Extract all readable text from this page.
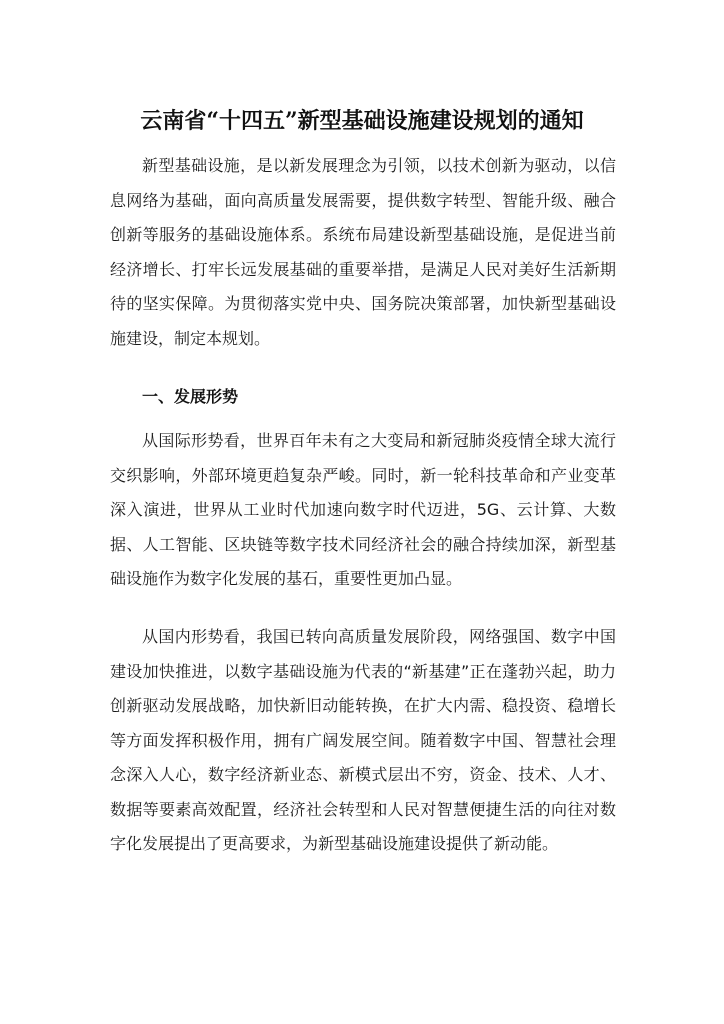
云南省“十四五”新型基础设施建设规划的通知

新型基础设施，是以新发展理念为引领，以技术创新为驱动，以信息网络为基础，面向高质量发展需要，提供数字转型、智能升级、融合创新等服务的基础设施体系。系统布局建设新型基础设施，是促进当前经济增长、打牢长远发展基础的重要举措，是满足人民对美好生活新期待的坚实保障。为贯彻落实党中央、国务院决策部署，加快新型基础设施建设，制定本规划。

一、发展形势

从国际形势看，世界百年未有之大变局和新冠肺炎疫情全球大流行交织影响，外部环境更趋复杂严峻。同时，新一轮科技革命和产业变革深入演进，世界从工业时代加速向数字时代迈进，5G、云计算、大数据、人工智能、区块链等数字技术同经济社会的融合持续加深，新型基础设施作为数字化发展的基石，重要性更加凸显。

从国内形势看，我国已转向高质量发展阶段，网络强国、数字中国建设加快推进，以数字基础设施为代表的“新基建”正在蓬勃兴起，助力创新驱动发展战略，加快新旧动能转换，在扩大内需、稳投资、稳增长等方面发挥积极作用，拥有广阔发展空间。随着数字中国、智慧社会理念深入人心，数字经济新业态、新模式层出不穷，资金、技术、人才、数据等要素高效配置，经济社会转型和人民对智慧便捷生活的向往对数字化发展提出了更高要求，为新型基础设施建设提供了新动能。
